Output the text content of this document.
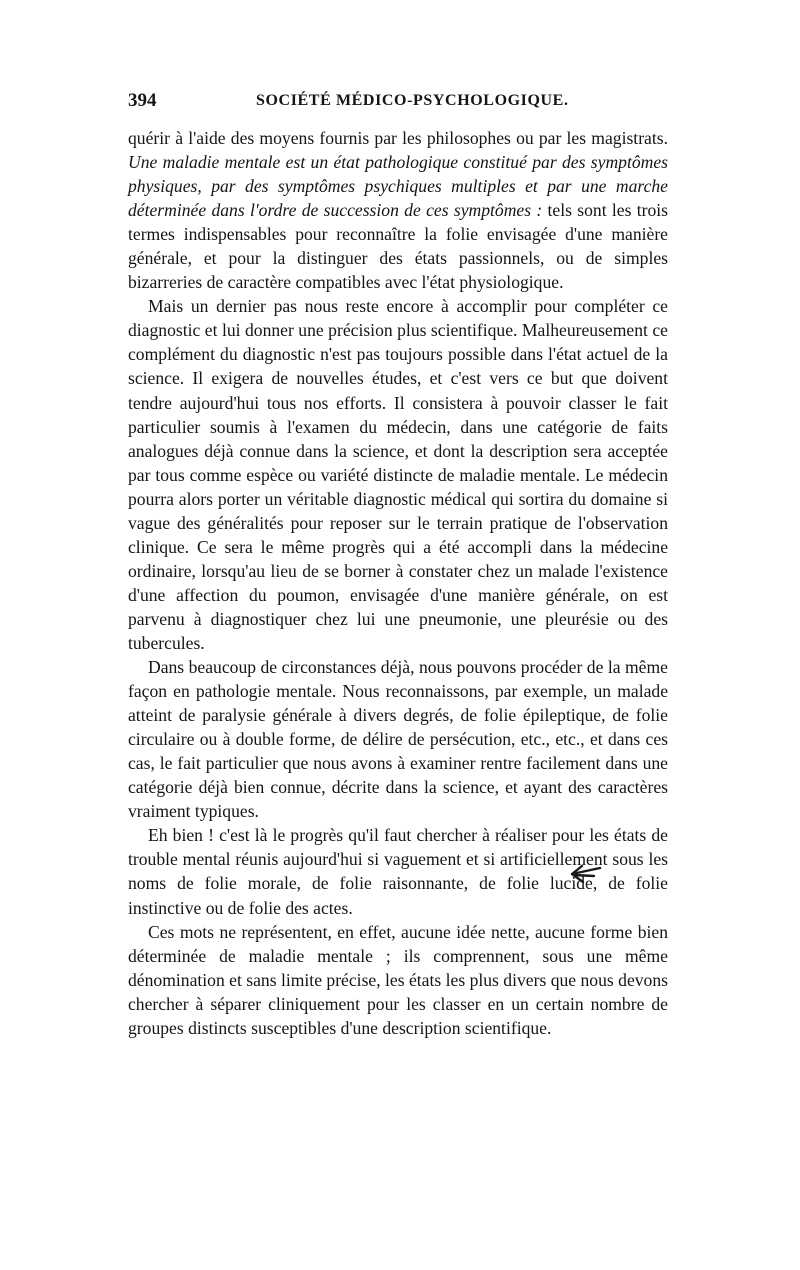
394	SOCIÉTÉ MÉDICO-PSYCHOLOGIQUE.

quérir à l'aide des moyens fournis par les philosophes ou par les magistrats. Une maladie mentale est un état pathologique constitué par des symptômes physiques, par des symptômes psychiques multiples et par une marche déterminée dans l'ordre de succession de ces symptômes : tels sont les trois termes indispensables pour reconnaître la folie envisagée d'une manière générale, et pour la distinguer des états passionnels, ou de simples bizarreries de caractère compatibles avec l'état physiologique.

Mais un dernier pas nous reste encore à accomplir pour compléter ce diagnostic et lui donner une précision plus scientifique. Malheureusement ce complément du diagnostic n'est pas toujours possible dans l'état actuel de la science. Il exigera de nouvelles études, et c'est vers ce but que doivent tendre aujourd'hui tous nos efforts. Il consistera à pouvoir classer le fait particulier soumis à l'examen du médecin, dans une catégorie de faits analogues déjà connue dans la science, et dont la description sera acceptée par tous comme espèce ou variété distincte de maladie mentale. Le médecin pourra alors porter un véritable diagnostic médical qui sortira du domaine si vague des généralités pour reposer sur le terrain pratique de l'observation clinique. Ce sera le même progrès qui a été accompli dans la médecine ordinaire, lorsqu'au lieu de se borner à constater chez un malade l'existence d'une affection du poumon, envisagée d'une manière générale, on est parvenu à diagnostiquer chez lui une pneumonie, une pleurésie ou des tubercules.

Dans beaucoup de circonstances déjà, nous pouvons procéder de la même façon en pathologie mentale. Nous reconnaissons, par exemple, un malade atteint de paralysie générale à divers degrés, de folie épileptique, de folie circulaire ou à double forme, de délire de persécution, etc., etc., et dans ces cas, le fait particulier que nous avons à examiner rentre facilement dans une catégorie déjà bien connue, décrite dans la science, et ayant des caractères vraiment typiques.

Eh bien ! c'est là le progrès qu'il faut chercher à réaliser pour les états de trouble mental réunis aujourd'hui si vaguement et si artificiellement sous les noms de folie morale, de folie raisonnante, de folie lucide, de folie instinctive ou de folie des actes.

Ces mots ne représentent, en effet, aucune idée nette, aucune forme bien déterminée de maladie mentale ; ils comprennent, sous une même dénomination et sans limite précise, les états les plus divers que nous devons chercher à séparer cliniquement pour les classer en un certain nombre de groupes distincts susceptibles d'une description scientifique.
